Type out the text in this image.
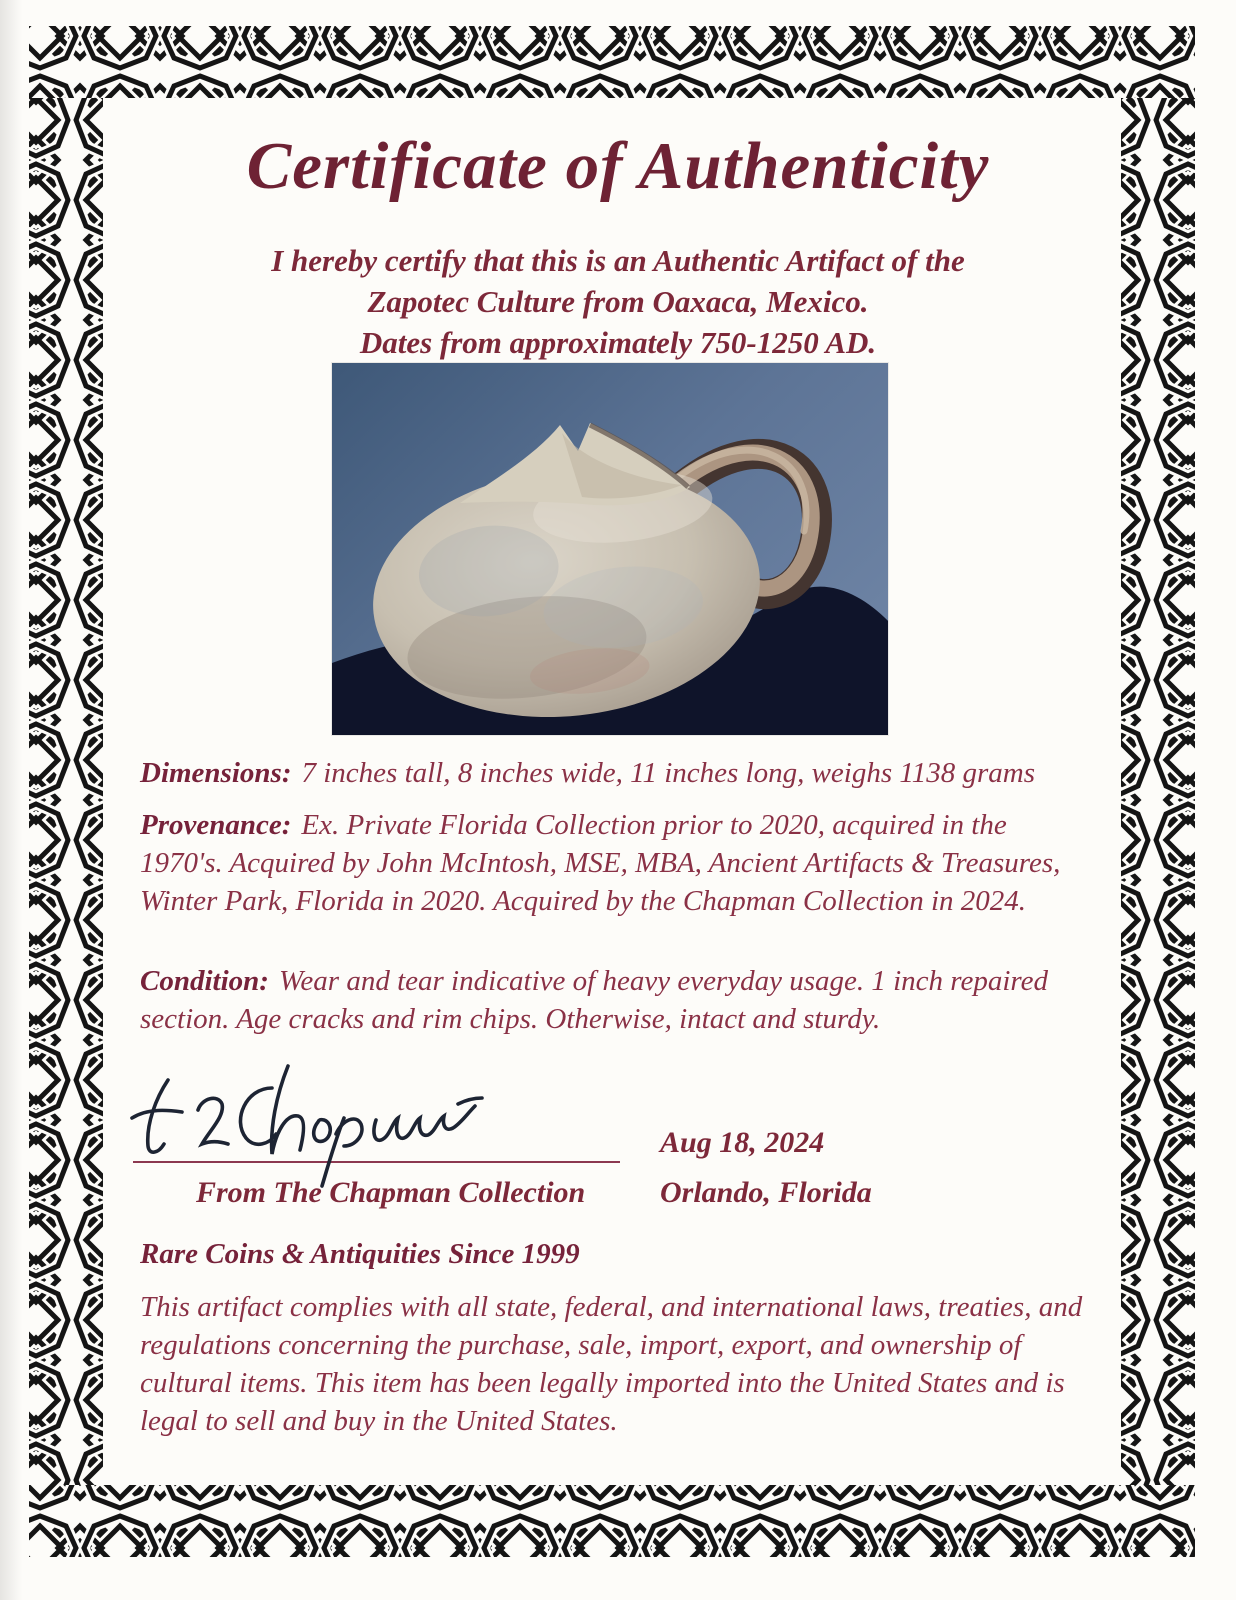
Certificate of Authenticity
I hereby certify that this is an Authentic Artifact of the
Zapotec Culture from Oaxaca, Mexico.
Dates from approximately 750-1250 AD.

Dimensions: 7 inches tall, 8 inches wide, 11 inches long, weighs 1138 grams

Provenance: Ex. Private Florida Collection prior to 2020, acquired in the 1970's. Acquired by John McIntosh, MSE, MBA, Ancient Artifacts & Treasures, Winter Park, Florida in 2020. Acquired by the Chapman Collection in 2024.

Condition: Wear and tear indicative of heavy everyday usage. 1 inch repaired section. Age cracks and rim chips. Otherwise, intact and sturdy.

Aug 18, 2024
From The Chapman Collection Orlando, Florida
Rare Coins & Antiquities Since 1999

This artifact complies with all state, federal, and international laws, treaties, and regulations concerning the purchase, sale, import, export, and ownership of cultural items. This item has been legally imported into the United States and is legal to sell and buy in the United States.
